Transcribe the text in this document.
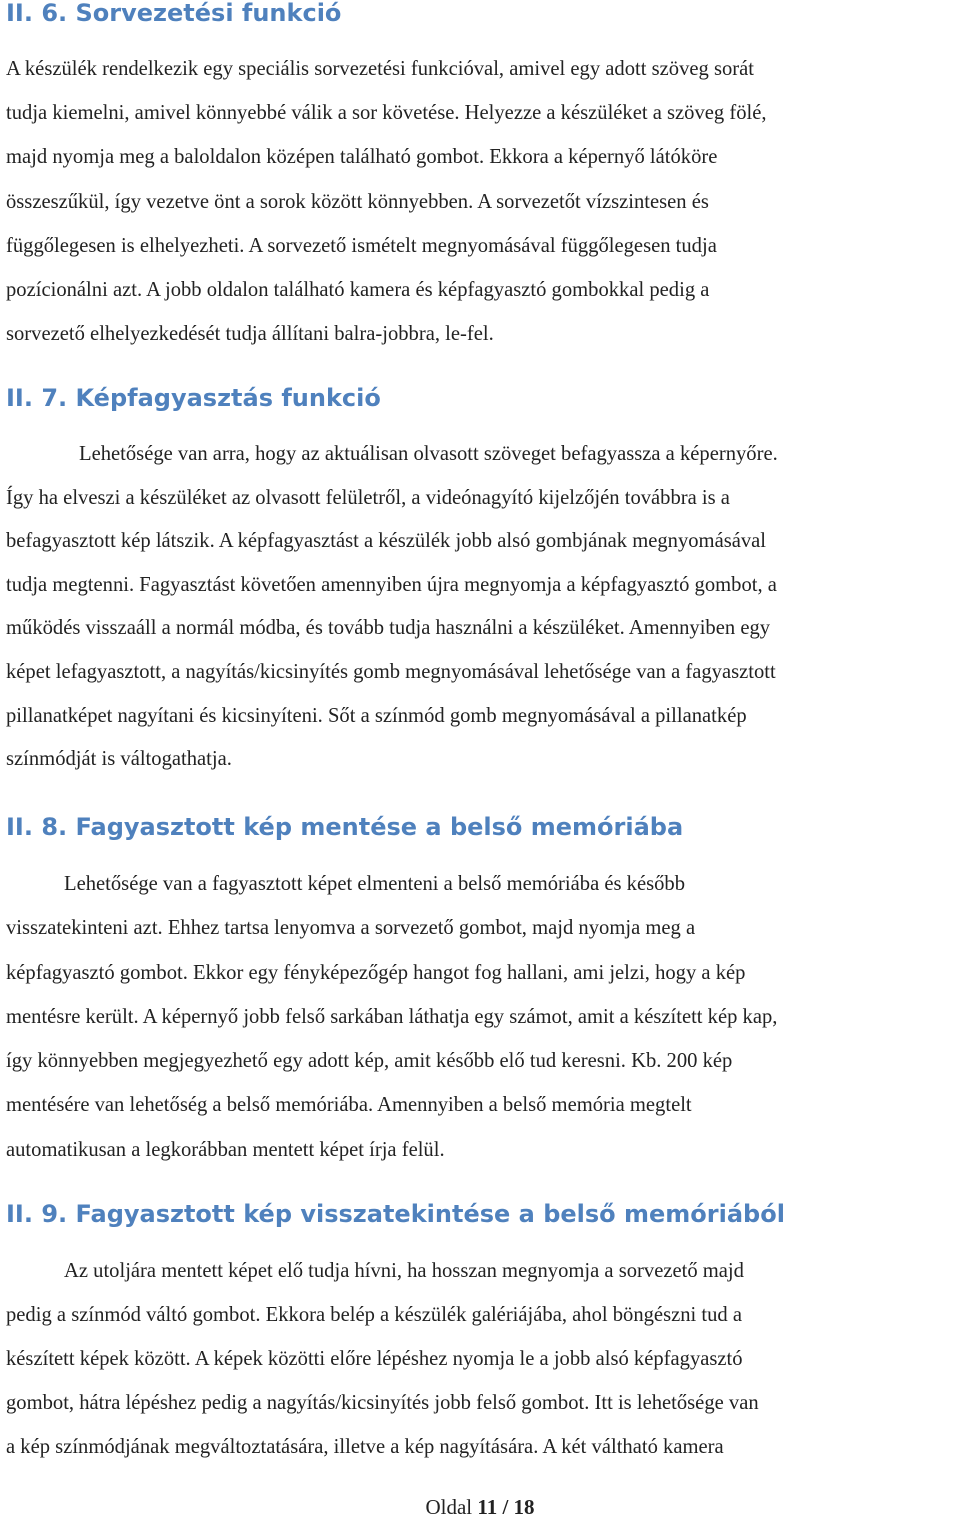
II. 6. Sorvezetési funkció
A készülék rendelkezik egy speciális sorvezetési funkcióval, amivel egy adott szöveg sorát
tudja kiemelni, amivel könnyebbé válik a sor követése. Helyezze a készüléket a szöveg fölé,
majd nyomja meg a baloldalon középen található gombot. Ekkora a képernyő látóköre
összeszűkül, így vezetve önt a sorok között könnyebben. A sorvezetőt vízszintesen és
függőlegesen is elhelyezheti. A sorvezető ismételt megnyomásával függőlegesen tudja
pozícionálni azt. A jobb oldalon található kamera és képfagyasztó gombokkal pedig a
sorvezető elhelyezkedését tudja állítani balra-jobbra, le-fel.
II. 7. Képfagyasztás funkció
Lehetősége van arra, hogy az aktuálisan olvasott szöveget befagyassza a képernyőre.
Így ha elveszi a készüléket az olvasott felületről, a videónagyító kijelzőjén továbbra is a
befagyasztott kép látszik. A képfagyasztást a készülék jobb alsó gombjának megnyomásával
tudja megtenni. Fagyasztást követően amennyiben újra megnyomja a képfagyasztó gombot, a
működés visszaáll a normál módba, és tovább tudja használni a készüléket. Amennyiben egy
képet lefagyasztott, a nagyítás/kicsinyítés gomb megnyomásával lehetősége van a fagyasztott
pillanatképet nagyítani és kicsinyíteni. Sőt a színmód gomb megnyomásával a pillanatkép
színmódját is váltogathatja.
II. 8. Fagyasztott kép mentése a belső memóriába
Lehetősége van a fagyasztott képet elmenteni a belső memóriába és később
visszatekinteni azt. Ehhez tartsa lenyomva a sorvezető gombot, majd nyomja meg a
képfagyasztó gombot. Ekkor egy fényképezőgép hangot fog hallani, ami jelzi, hogy a kép
mentésre került. A képernyő jobb felső sarkában láthatja egy számot, amit a készített kép kap,
így könnyebben megjegyezhető egy adott kép, amit később elő tud keresni. Kb. 200 kép
mentésére van lehetőség a belső memóriába. Amennyiben a belső memória megtelt
automatikusan a legkorábban mentett képet írja felül.
II. 9. Fagyasztott kép visszatekintése a belső memóriából
Az utoljára mentett képet elő tudja hívni, ha hosszan megnyomja a sorvezető majd
pedig a színmód váltó gombot. Ekkora belép a készülék galériájába, ahol böngészni tud a
készített képek között. A képek közötti előre lépéshez nyomja le a jobb alsó képfagyasztó
gombot, hátra lépéshez pedig a nagyítás/kicsinyítés jobb felső gombot. Itt is lehetősége van
a kép színmódjának megváltoztatására, illetve a kép nagyítására. A két váltható kamera
Oldal 11 / 18
